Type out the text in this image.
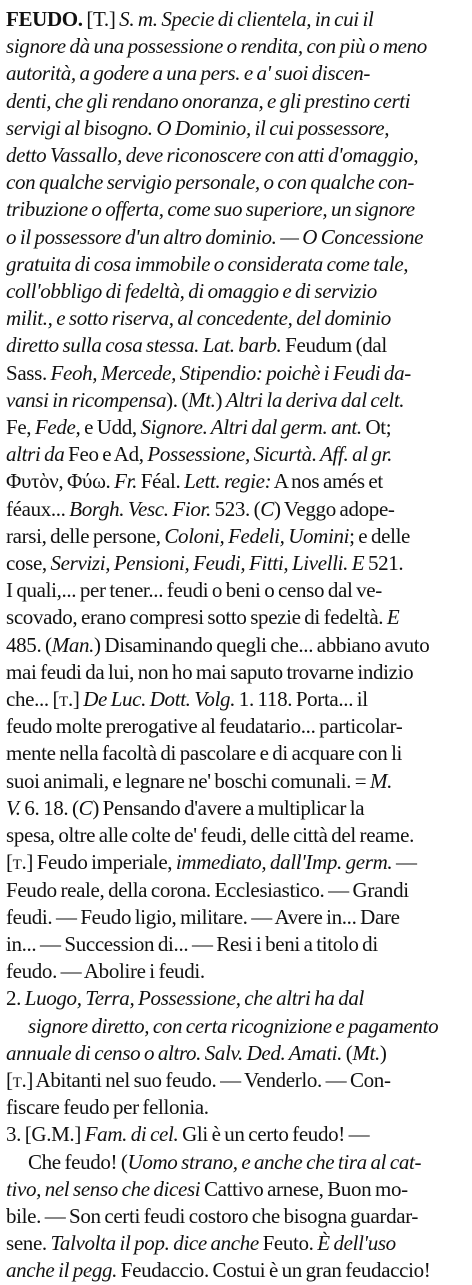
FEUDO. [T.] S. m. Specie di clientela, in cui il
signore dà una possessione o rendita, con più o meno
autorità, a godere a una pers. e a' suoi discen-
denti, che gli rendano onoranza, e gli prestino certi
servigi al bisogno. O Dominio, il cui possessore,
detto Vassallo, deve riconoscere con atti d'omaggio,
con qualche servigio personale, o con qualche con-
tribuzione o offerta, come suo superiore, un signore
o il possessore d'un altro dominio. — O Concessione
gratuita di cosa immobile o considerata come tale,
coll'obbligo di fedeltà, di omaggio e di servizio
milit., e sotto riserva, al concedente, del dominio
diretto sulla cosa stessa. Lat. barb. Feudum (dal
Sass. Feoh, Mercede, Stipendio: poichè i Feudi da-
vansi in ricompensa). (Mt.) Altri la deriva dal celt.
Fe, Fede, e Udd, Signore. Altri dal germ. ant. Ot;
altri da Feo e Ad, Possessione, Sicurtà. Aff. al gr.
Φυτὸν, Φύω. Fr. Féal. Lett. regie: A nos amés et
féaux... Borgh. Vesc. Fior. 523. (C) Veggo adope-
rarsi, delle persone, Coloni, Fedeli, Uomini; e delle
cose, Servizi, Pensioni, Feudi, Fitti, Livelli. E 521.
I quali,... per tener... feudi o beni o censo dal ve-
scovado, erano compresi sotto spezie di fedeltà. E
485. (Man.) Disaminando quegli che... abbiano avuto
mai feudi da lui, non ho mai saputo trovarne indizio
che... [t.] De Luc. Dott. Volg. 1. 118. Porta... il
feudo molte prerogative al feudatario... particolar-
mente nella facoltà di pascolare e di acquare con li
suoi animali, e legnare ne' boschi comunali. = M.
V. 6. 18. (C) Pensando d'avere a multiplicar la
spesa, oltre alle colte de' feudi, delle città del reame.
[t.] Feudo imperiale, immediato, dall'Imp. germ. —
Feudo reale, della corona. Ecclesiastico. — Grandi
feudi. — Feudo ligio, militare. — Avere in... Dare
in... — Succession di... — Resi i beni a titolo di
feudo. — Abolire i feudi.
2. Luogo, Terra, Possessione, che altri ha dal
signore diretto, con certa ricognizione e pagamento
annuale di censo o altro. Salv. Ded. Amati. (Mt.)
[t.] Abitanti nel suo feudo. — Venderlo. — Con-
fiscare feudo per fellonia.
3. [G.M.] Fam. di cel. Gli è un certo feudo! —
Che feudo! (Uomo strano, e anche che tira al cat-
tivo, nel senso che dicesi Cattivo arnese, Buon mo-
bile. — Son certi feudi costoro che bisogna guardar-
sene. Talvolta il pop. dice anche Feuto. È dell'uso
anche il pegg. Feudaccio. Costui è un gran feudaccio!
